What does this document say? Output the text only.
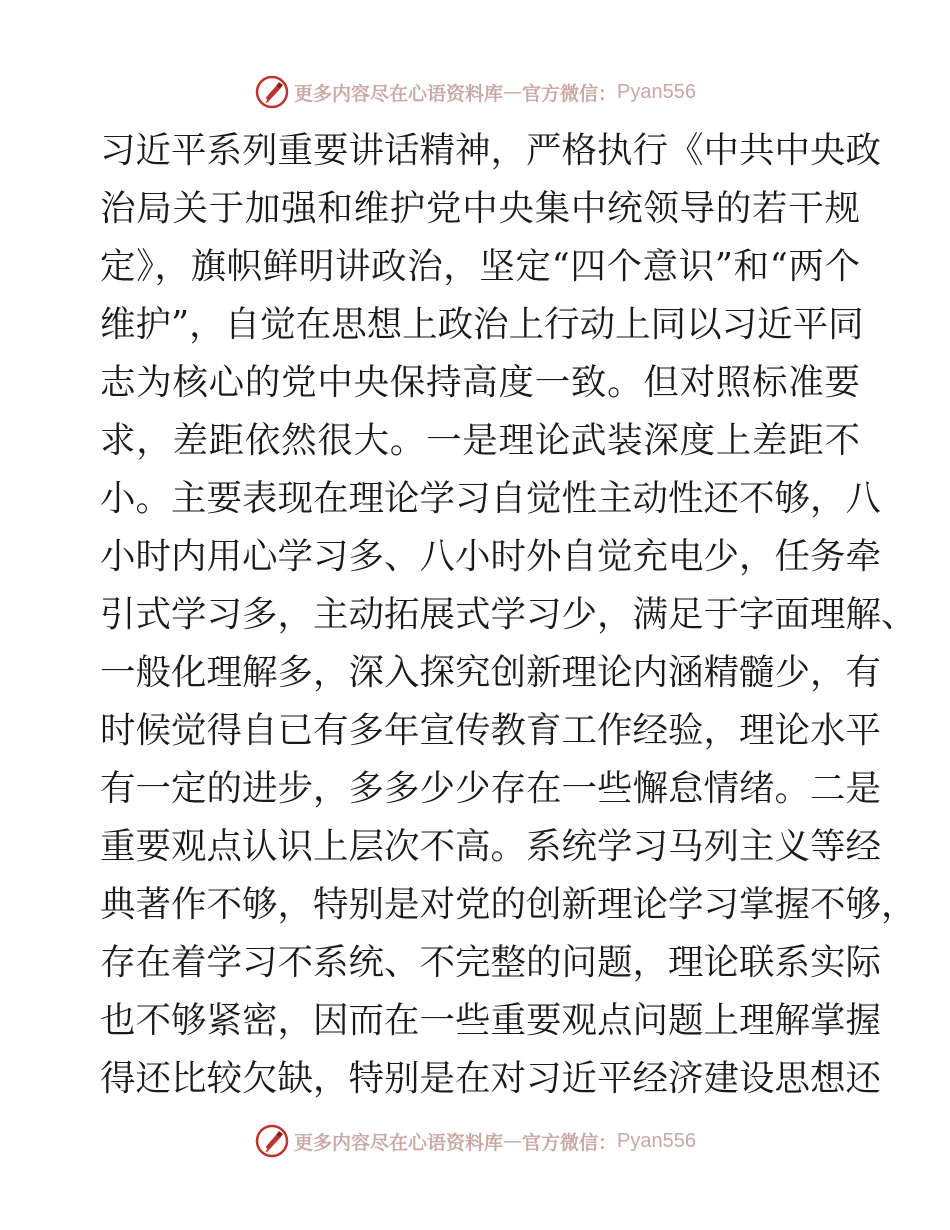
更多内容尽在心语资料库 — 官方微信： Pyan556
习近平系列重要讲话精神，严格执行《中共中央政
治局关于加强和维护党中央集中统领导的若干规
定》，旗帜鲜明讲政治，坚定“四个意识”和“两个
维护”，自觉在思想上政治上行动上同以习近平同
志为核心的党中央保持高度一致。但对照标准要
求，差距依然很大。一是理论武装深度上差距不
小。主要表现在理论学习自觉性主动性还不够，八
小时内用心学习多、八小时外自觉充电少，任务牵
引式学习多，主动拓展式学习少，满足于字面理解、
一般化理解多，深入探究创新理论内涵精髓少，有
时候觉得自已有多年宣传教育工作经验，理论水平
有一定的进步，多多少少存在一些懈怠情绪。二是
重要观点认识上层次不高。系统学习马列主义等经
典著作不够，特别是对党的创新理论学习掌握不够，
存在着学习不系统、不完整的问题，理论联系实际
也不够紧密，因而在一些重要观点问题上理解掌握
得还比较欠缺，特别是在对习近平经济建设思想还
更多内容尽在心语资料库 — 官方微信： Pyan556
